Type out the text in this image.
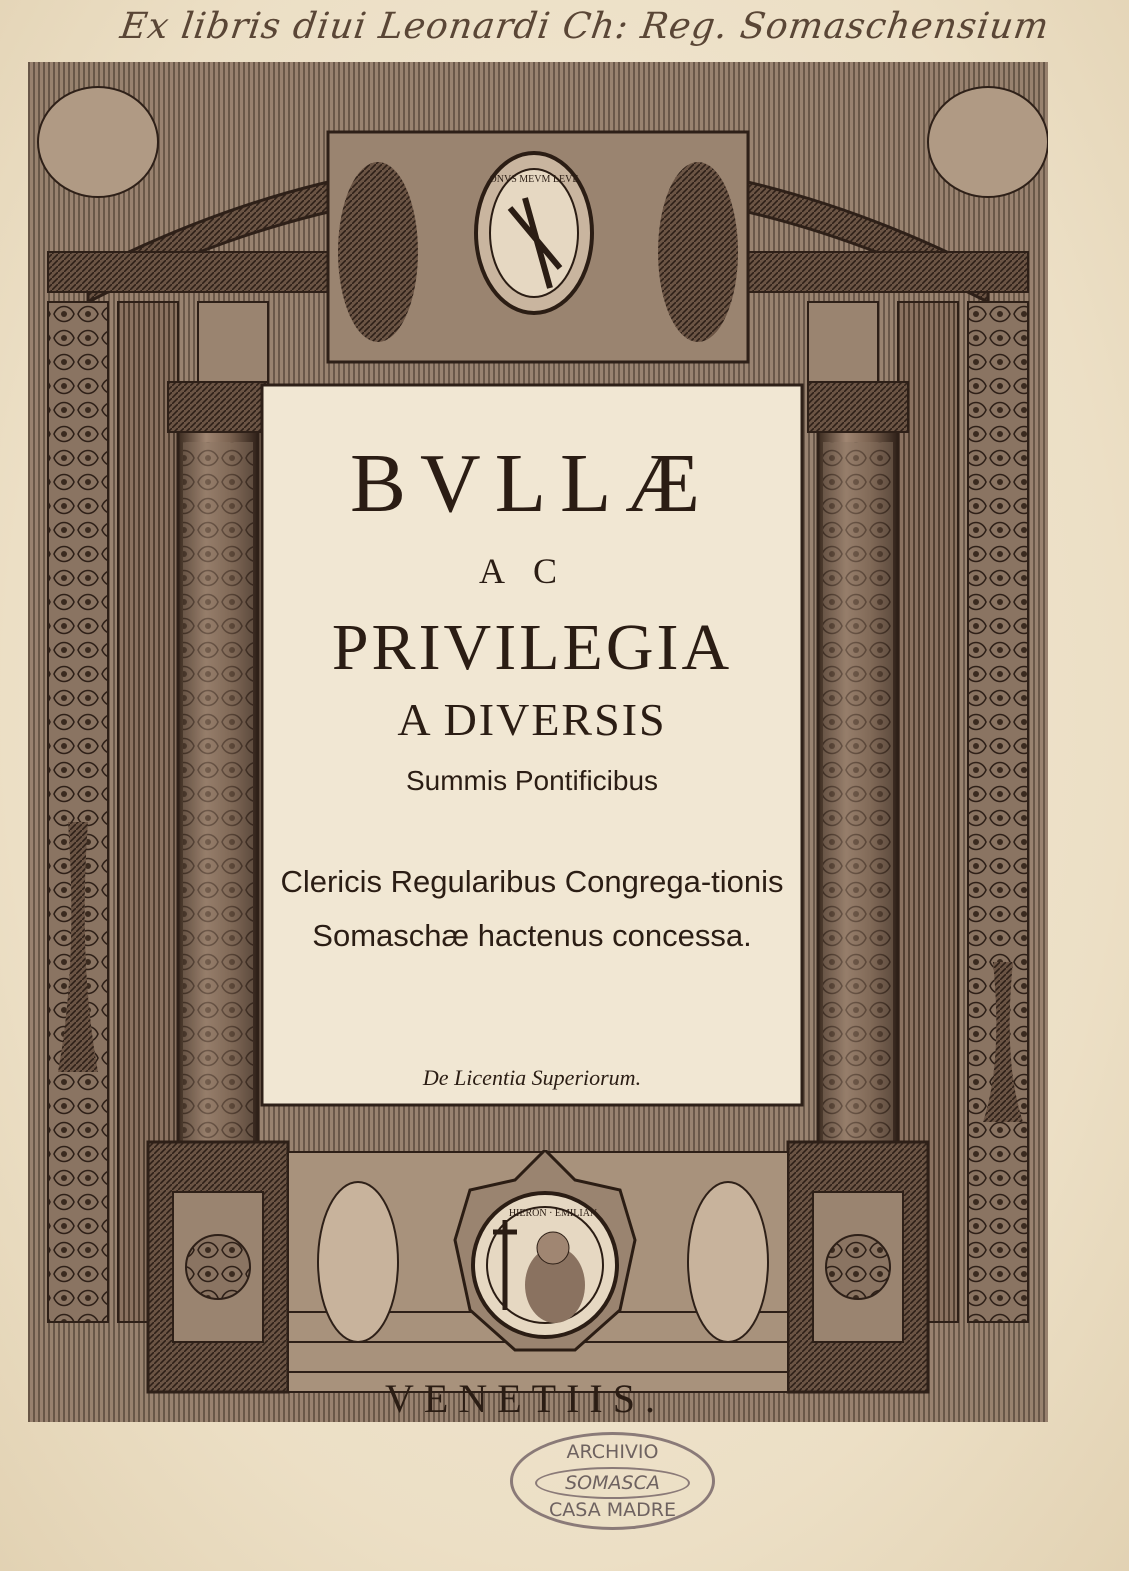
Ex libris diui Leonardi Ch: Reg. Somaschensium
ONVS MEVM LEVE
HIERON · EMILIAN
BVLLÆ
AC
PRIVILEGIA
A DIVERSIS
Summis Pontificibus
Clericis Regularibus Congrega-tionis Somaschæ hactenus concessa.
De Licentia Superiorum.
VENETIIS.
ARCHIVIO
SOMASCA
CASA MADRE
